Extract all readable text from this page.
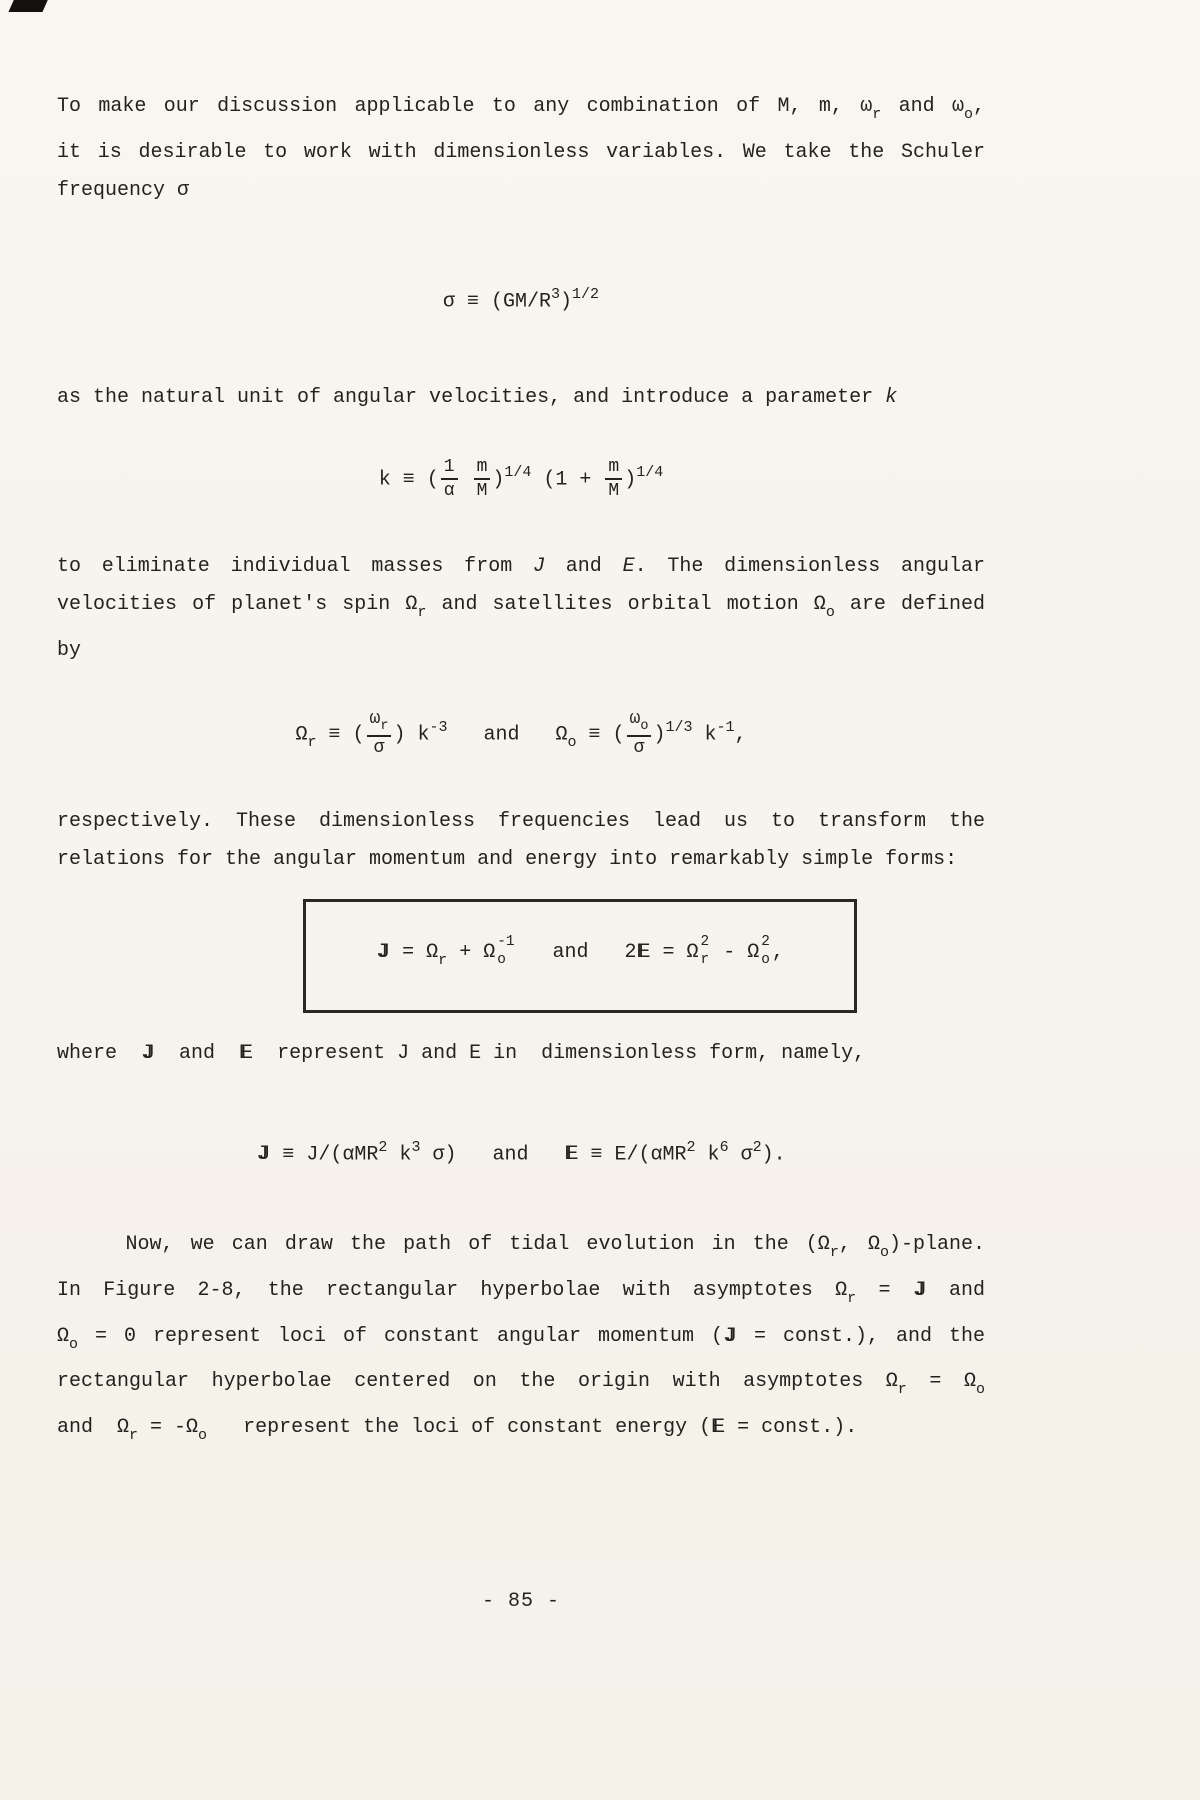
To make our discussion applicable to any combination of M, m, $\omega_r$ and $\omega_o$,
it is desirable to work with dimensionless variables. We take the Schuler
frequency σ
$\sigma \equiv (GM/R^3)^{1/2}$
as the natural unit of angular velocities, and introduce a parameter k
k ≡ ( $\frac{1}{\alpha}$
$\frac{m}{M} )^{1/4}$ $(1 + \frac{m}{M} )^{1/4}$
to eliminate individual masses from J and E. The dimensionless angular
velocities of planet's spin $\Omega_r$ and satellites orbital motion $\Omega_o$ are defined
by
$\Omega_r$ ≡ ( $\frac{\omega_r}{\sigma}$ ) $k^{-3}$   and   $\Omega_o$ ≡ ( $\frac{\omega_o}{\sigma} )^{1/3}$ $k^{-1}$,
respectively. These dimensionless frequencies lead us to transform the
relations for the angular momentum and energy into remarkably simple forms:
$J = \Omega_r + \Omega$ -1
o and   2E = Ω 2
r - Ω 2
o ,
where  J  and  E  represent J and E in  dimensionless form, namely,
J ≡ J/(αMR$^2$ $k^3$ σ)   and   E ≡ E/(αMR$^2$ $k^6$ $\sigma^2$).
Now, we can draw the path of tidal evolution in the ($\Omega_r$, $\Omega_o$)-plane.
In Figure 2-8, the rectangular hyperbolae with asymptotes $\Omega_r = J$ and
$\Omega_o = 0$ represent loci of constant angular momentum (J = const.), and the
rectangular hyperbolae centered on the origin with asymptotes $\Omega_r = \Omega_o$
and  $\Omega_r = -\Omega_o$   represent the loci of constant energy (E = const.).
- 85 -
